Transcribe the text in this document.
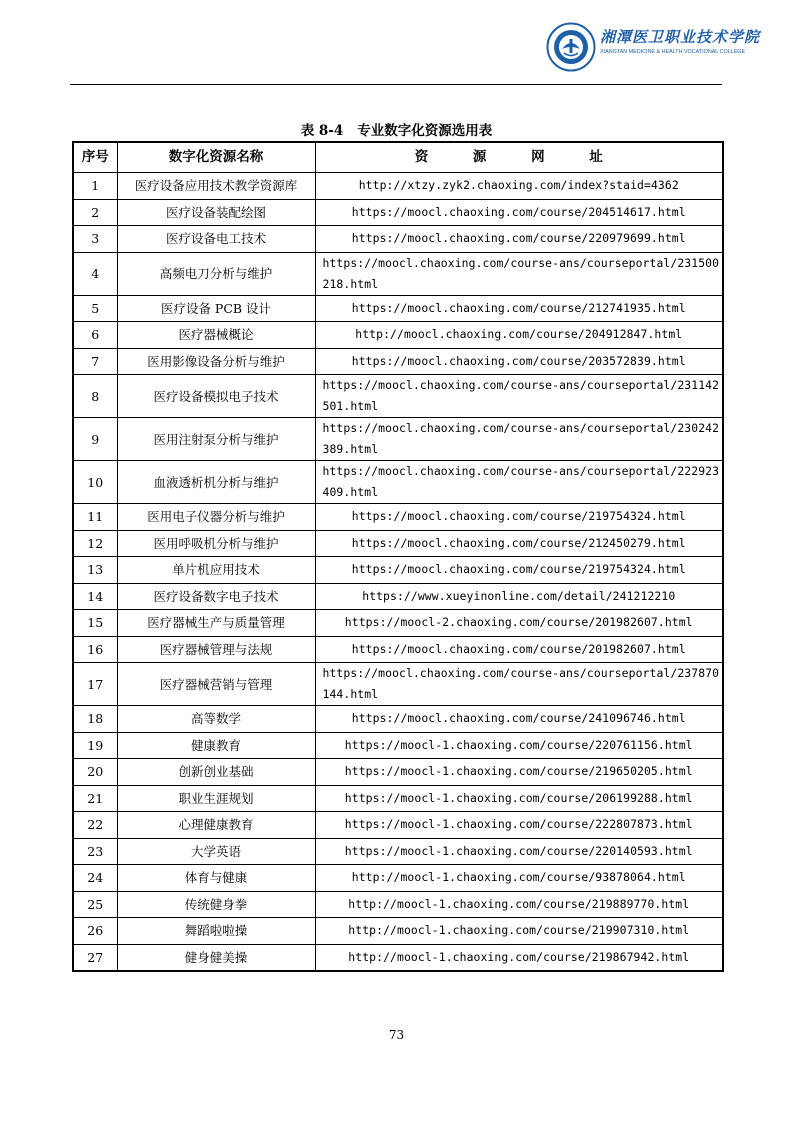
湘潭医卫职业技术学院
XIANGTAN MEDICINE & HEALTH VOCATIONAL COLLEGE
表 8-4 专业数字化资源选用表
序号	数字化资源名称	资 源 网 址
1	医疗设备应用技术教学资源库	http://xtzy.zyk2.chaoxing.com/index?staid=4362
2	医疗设备装配绘图	https://moocl.chaoxing.com/course/204514617.html
3	医疗设备电工技术	https://moocl.chaoxing.com/course/220979699.html
4	高频电刀分析与维护	https://moocl.chaoxing.com/course-ans/courseportal/231500218.html
5	医疗设备 PCB 设计	https://moocl.chaoxing.com/course/212741935.html
6	医疗器械概论	http://moocl.chaoxing.com/course/204912847.html
7	医用影像设备分析与维护	https://moocl.chaoxing.com/course/203572839.html
8	医疗设备模拟电子技术	https://moocl.chaoxing.com/course-ans/courseportal/231142501.html
9	医用注射泵分析与维护	https://moocl.chaoxing.com/course-ans/courseportal/230242389.html
10	血液透析机分析与维护	https://moocl.chaoxing.com/course-ans/courseportal/222923409.html
11	医用电子仪器分析与维护	https://moocl.chaoxing.com/course/219754324.html
12	医用呼吸机分析与维护	https://moocl.chaoxing.com/course/212450279.html
13	单片机应用技术	https://moocl.chaoxing.com/course/219754324.html
14	医疗设备数字电子技术	https://www.xueyinonline.com/detail/241212210
15	医疗器械生产与质量管理	https://moocl-2.chaoxing.com/course/201982607.html
16	医疗器械管理与法规	https://moocl.chaoxing.com/course/201982607.html
17	医疗器械营销与管理	https://moocl.chaoxing.com/course-ans/courseportal/237870144.html
18	高等数学	https://moocl.chaoxing.com/course/241096746.html
19	健康教育	https://moocl-1.chaoxing.com/course/220761156.html
20	创新创业基础	https://moocl-1.chaoxing.com/course/219650205.html
21	职业生涯规划	https://moocl-1.chaoxing.com/course/206199288.html
22	心理健康教育	https://moocl-1.chaoxing.com/course/222807873.html
23	大学英语	https://moocl-1.chaoxing.com/course/220140593.html
24	体育与健康	http://moocl-1.chaoxing.com/course/93878064.html
25	传统健身拳	http://moocl-1.chaoxing.com/course/219889770.html
26	舞蹈啦啦操	http://moocl-1.chaoxing.com/course/219907310.html
27	健身健美操	http://moocl-1.chaoxing.com/course/219867942.html
73
